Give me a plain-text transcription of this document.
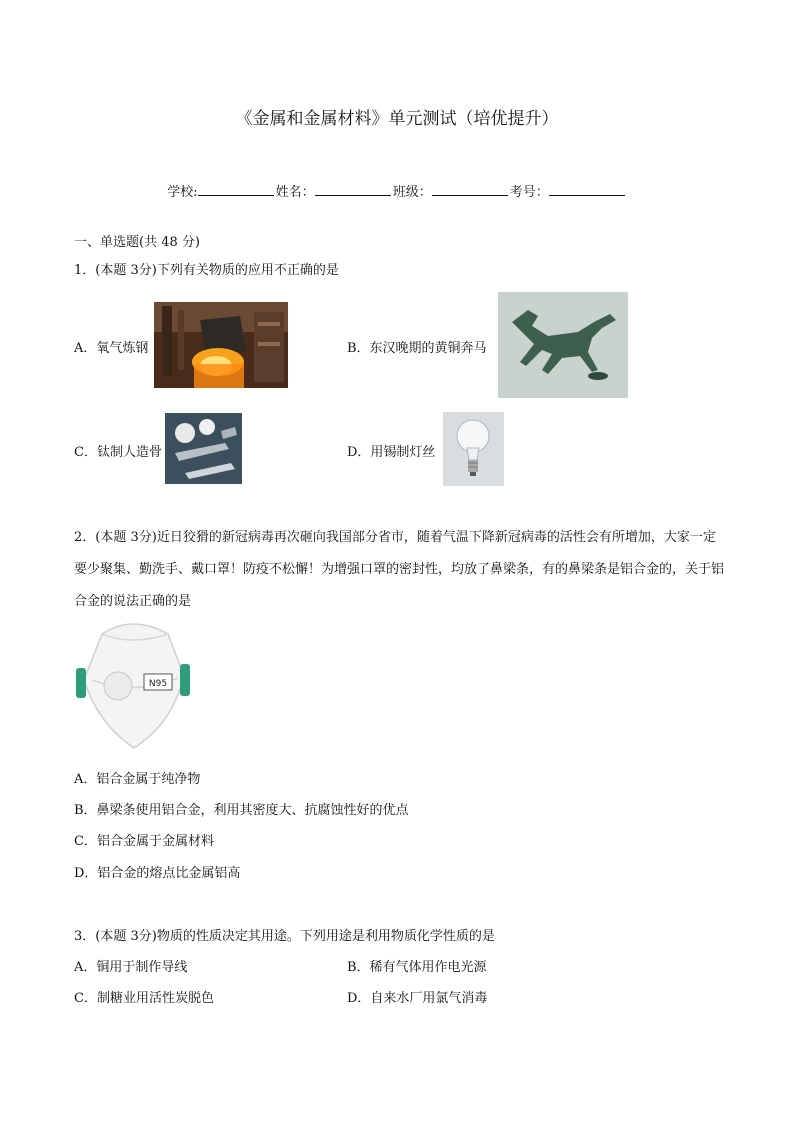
《金属和金属材料》单元测试（培优提升）
学校:	姓名：	班级：	考号：
一、单选题(共 48 分)
1．(本题 3分)下列有关物质的应用不正确的是
A．氧气炼钢	B．东汉晚期的黄铜奔马
C．钛制人造骨	D．用锡制灯丝
2．(本题 3分)近日狡猾的新冠病毒再次砸向我国部分省市，随着气温下降新冠病毒的活性会有所增加，大家一定要少聚集、勤洗手、戴口罩！防疫不松懈！为增强口罩的密封性，均放了鼻梁条，有的鼻梁条是铝合金的，关于铝合金的说法正确的是
N95
A．铝合金属于纯净物
B．鼻梁条使用铝合金，利用其密度大、抗腐蚀性好的优点
C．铝合金属于金属材料
D．铝合金的熔点比金属铝高
3．(本题 3分)物质的性质决定其用途。下列用途是利用物质化学性质的是
A．铜用于制作导线	B．稀有气体用作电光源
C．制糖业用活性炭脱色	D．自来水厂用氯气消毒
